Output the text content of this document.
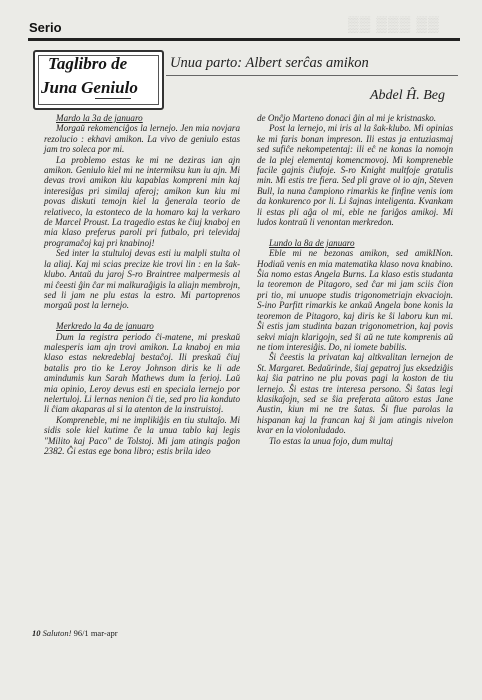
Serio	▒▒ ▒▒▒ ▒▒
Taglibro de
Juna Geniulo
Unua parto: Albert serĉas amikon
Abdel Ĥ. Beg

Mardo la 3a de januaro

Morgaŭ rekomenciĝos la lernejo. Jen mia novjara rezolucio : ekhavi amikon. La vivo de geniulo estas jam tro soleca por mi.

La problemo estas ke mi ne deziras ian ajn amikon. Geniulo kiel mi ne intermiksu kun iu ajn. Mi devas trovi amikon kiu kapablas kompreni min kaj interesiĝas pri similaj aferoj; amikon kun kiu mi povas diskuti temojn kiel la ĝenerala teorio de relativeco, la estonteco de la homaro kaj la verkaro de Marcel Proust. La tragedio estas ke ĉiuj knaboj en mia klaso preferus paroli pri futbalo, pri televidaj programaĉoj kaj pri knabinoj!

Sed inter la stultuloj devas esti iu malpli stulta ol la aliaj. Kaj mi scias precize kie trovi lin : en la ŝak-klubo. Antaŭ du jaroj S-ro Braintree malpermesis al mi ĉeesti ĝin ĉar mi malkuraĝigis la aliajn membrojn, sed li jam ne plu estas la estro. Mi partoprenos morgaŭ post la lernejo.

Merkredo la 4a de januaro

Dum la registra periodo ĉi-matene, mi preskaŭ malesperis iam ajn trovi amikon. La knaboj en mia klaso estas nekredeblaj bestaĉoj. Ili preskaŭ ĉiuj batalis pro tio ke Leroy Johnson diris ke li ade amindumis kun Sarah Mathews dum la ferioj. Laŭ mia opinio, Leroy devus esti en speciala lernejo por nelertuloj. Li lernas nenion ĉi tie, sed pro lia konduto li ĉiam akaparas al si la atenton de la instruistoj.

Kompreneble, mi ne implikiĝis en tiu stultaĵo. Mi sidis sole kiel kutime ĉe la unua tablo kaj legis "Milito kaj Paco" de Tolstoj. Mi jam atingis paĝon 2382. Ĝi estas ege bona libro; estis brila ideo

de Onĉjo Marteno donaci ĝin al mi je kristnasko.

Post la lernejo, mi iris al la ŝak-klubo. Mi opinias ke mi faris bonan impreson. Ili estas ja entuziasmaj sed sufiĉe nekompetentaj: ili eĉ ne konas la nomojn de la plej elementaj komencmovoj. Mi kompreneble facile gajnis ĉiufoje. S-ro Knight multfoje gratulis min. Mi estis tre fiera. Sed pli grave ol io ajn, Steven Bull, la nuna ĉampiono rimarkis ke finfine venis iom da konkurenco por li. Li ŝajnas inteligenta. Kvankam li estas pli aĝa ol mi, eble ne fariĝos amikoj. Mi ludos kontraŭ li venontan merkredon.

Lundo la 8a de januaro

Eble mi ne bezonas amikon, sed amikINon. Hodiaŭ venis en mia matematika klaso nova knabino. Ŝia nomo estas Angela Burns. La klaso estis studanta la teoremon de Pitagoro, sed ĉar mi jam sciis ĉion pri tio, mi unuope studis trigonometriajn ekvaciojn. S-ino Parfitt rimarkis ke ankaŭ Angela bone konis la teoremon de Pitagoro, kaj diris ke ŝi laboru kun mi. Ŝi estis jam studinta bazan trigonometrion, kaj povis sekvi miajn klarigojn, sed ŝi aŭ ne tute komprenis aŭ ne tiom interesiĝis. Do, ni iomete babilis.

Ŝi ĉeestis la privatan kaj altkvalitan lernejon de St. Margaret. Bedaŭrinde, ŝiaj gepatroj ĵus eksedziĝis kaj ŝia patrino ne plu povas pagi la koston de tiu lernejo. Ŝi estas tre interesa persono. Ŝi ŝatas legi klasikaĵojn, sed se ŝia preferata aŭtoro estas Jane Austin, kiun mi ne tre ŝatas. Ŝi flue parolas la hispanan kaj la francan kaj ŝi jam atingis nivelon kvar en la violonludado.

Tio estas la unua fojo, dum multaj

10 Saluton! 96/1 mar-apr
